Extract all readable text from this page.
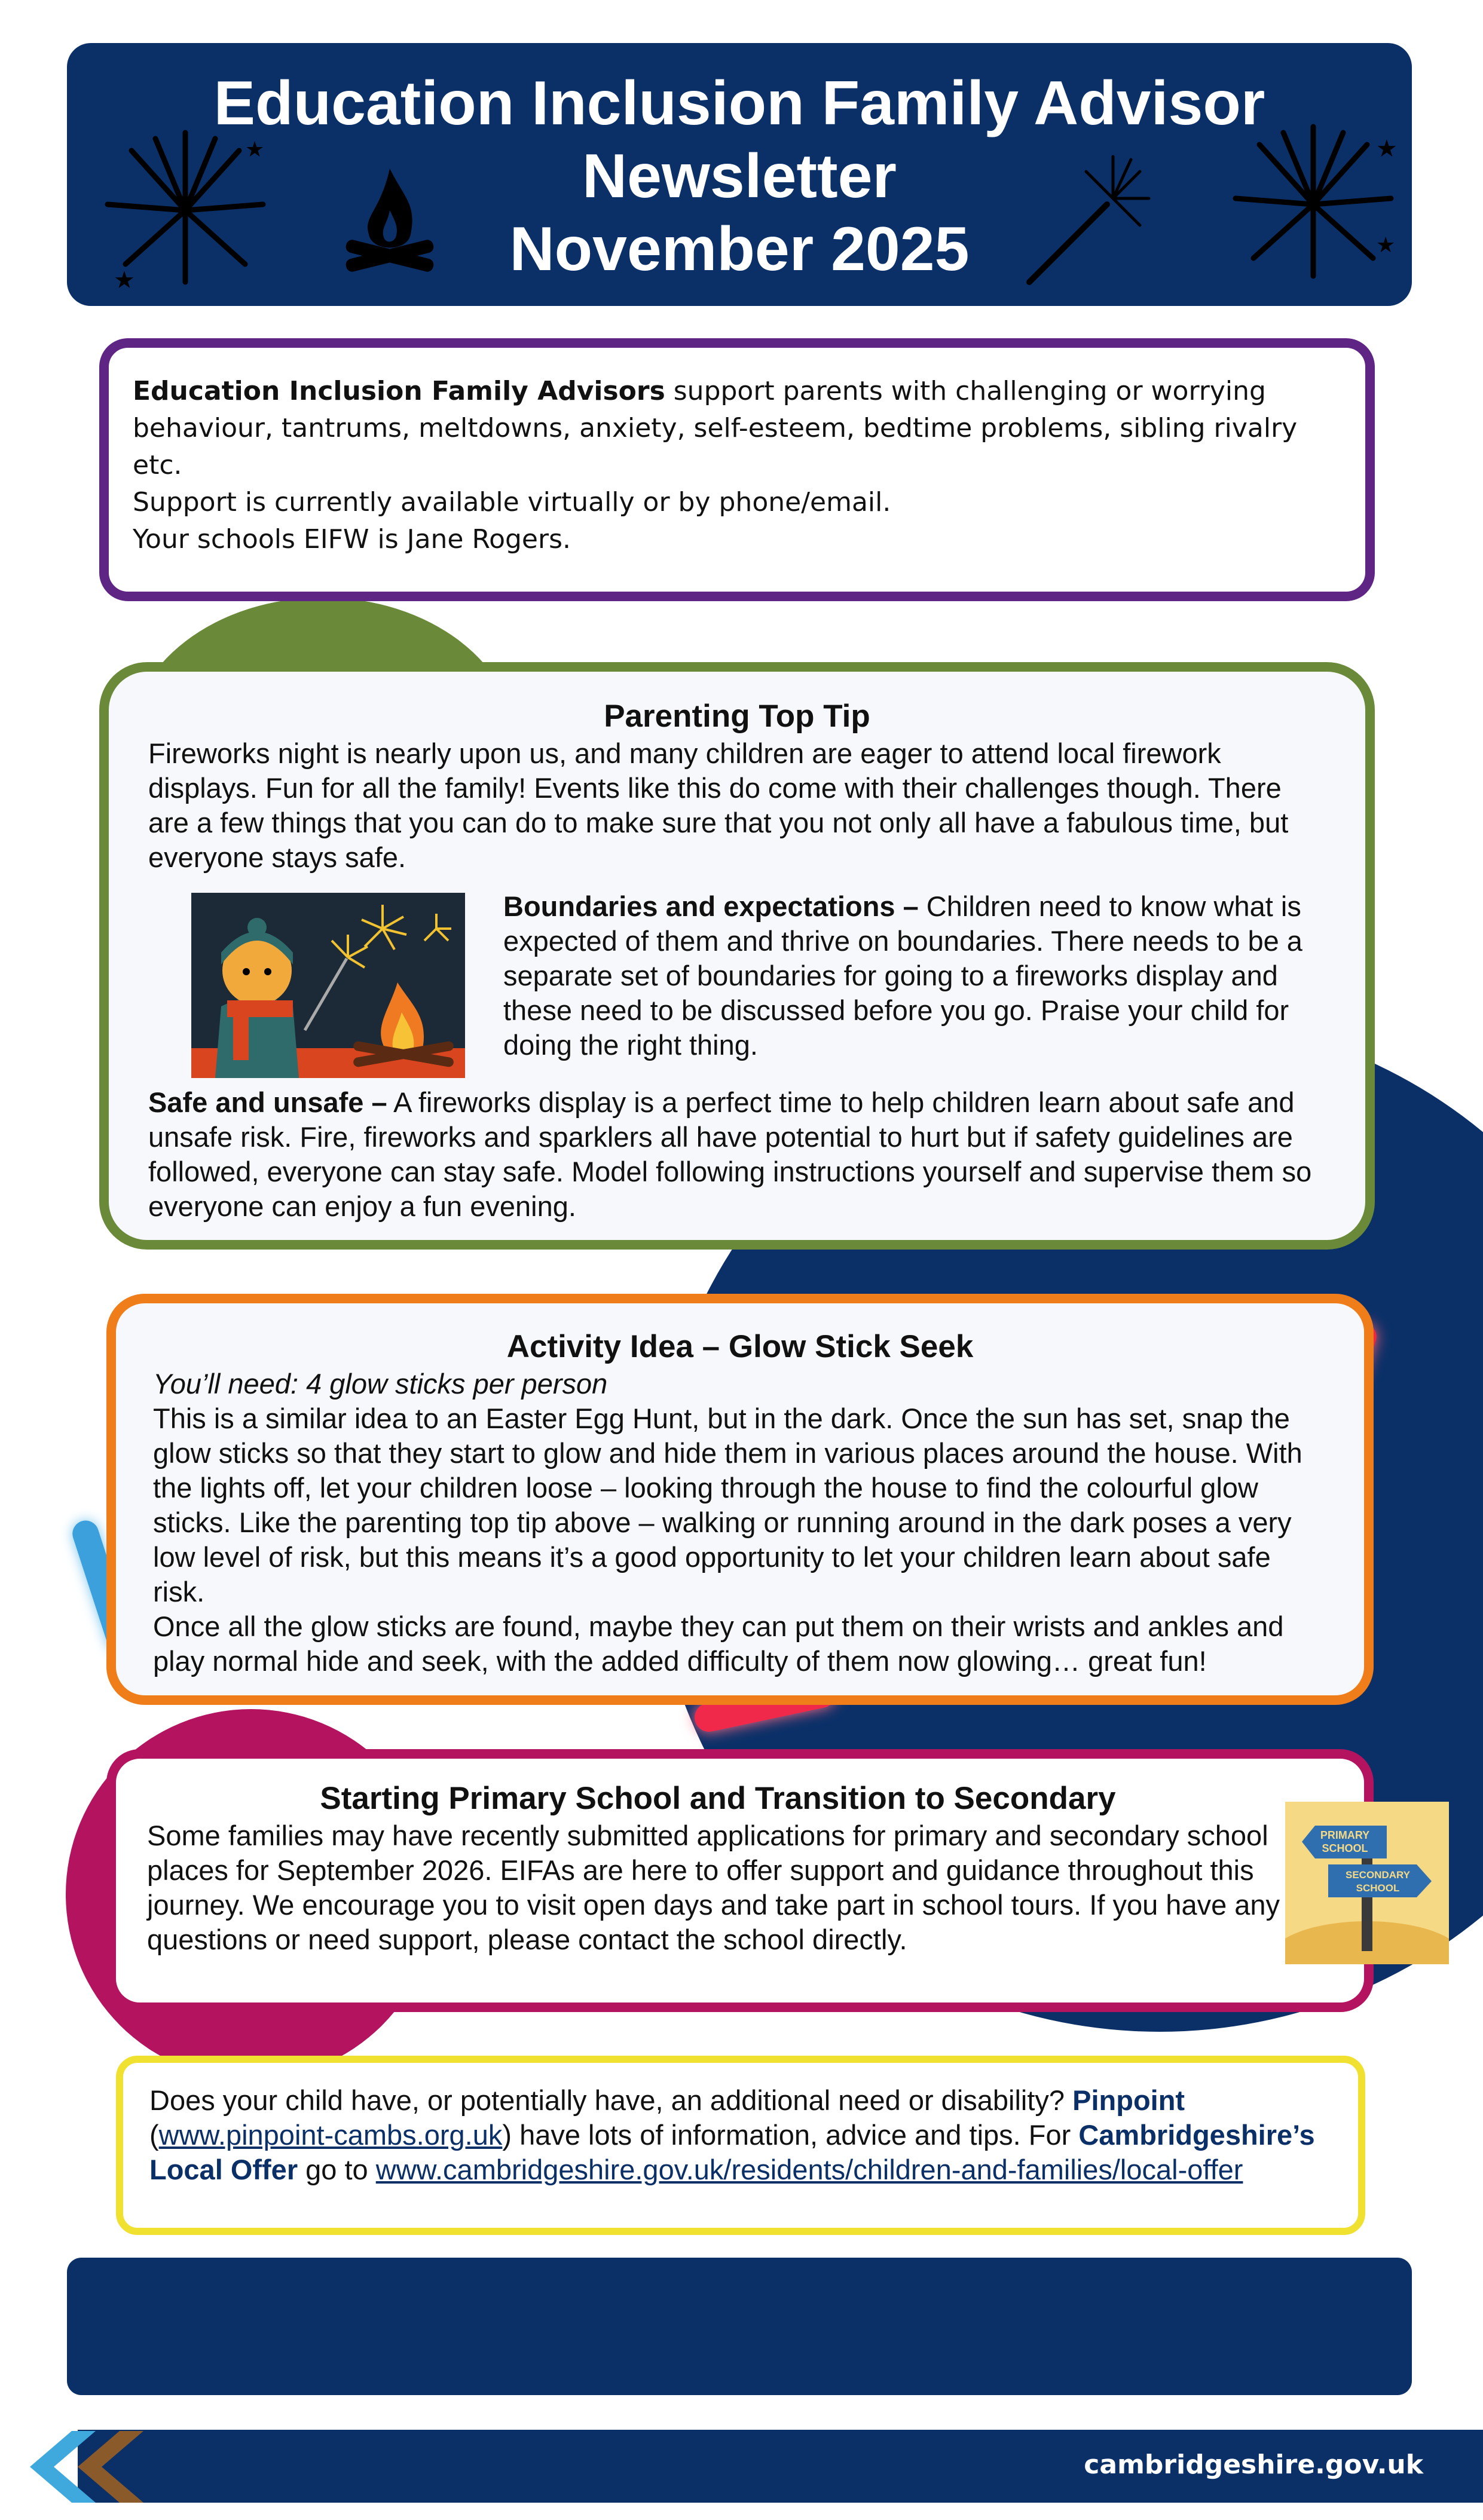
Education Inclusion Family Advisor
Newsletter
November 2025
★
★	★
★

Education Inclusion Family Advisors support parents with challenging or worrying behaviour, tantrums, meltdowns, anxiety, self-esteem, bedtime problems, sibling rivalry etc.

Support is currently available virtually or by phone/email.

Your schools EIFW is Jane Rogers.

Parenting Top Tip

Fireworks night is nearly upon us, and many children are eager to attend local firework displays. Fun for all the family! Events like this do come with their challenges though. There are a few things that you can do to make sure that you not only all have a fabulous time, but everyone stays safe.

Boundaries and expectations – Children need to know what is expected of them and thrive on boundaries. There needs to be a separate set of boundaries for going to a fireworks display and these need to be discussed before you go. Praise your child for doing the right thing.

Safe and unsafe – A fireworks display is a perfect time to help children learn about safe and unsafe risk. Fire, fireworks and sparklers all have potential to hurt but if safety guidelines are followed, everyone can stay safe. Model following instructions yourself and supervise them so everyone can enjoy a fun evening.

Activity Idea – Glow Stick Seek

You’ll need: 4 glow sticks per person

This is a similar idea to an Easter Egg Hunt, but in the dark. Once the sun has set, snap the glow sticks so that they start to glow and hide them in various places around the house. With the lights off, let your children loose – looking through the house to find the colourful glow sticks. Like the parenting top tip above – walking or running around in the dark poses a very low level of risk, but this means it’s a good opportunity to let your children learn about safe risk.

Once all the glow sticks are found, maybe they can put them on their wrists and ankles and play normal hide and seek, with the added difficulty of them now glowing… great fun!

Starting Primary School and Transition to Secondary

Some families may have recently submitted applications for primary and secondary school places for September 2026. EIFAs are here to offer support and guidance throughout this journey. We encourage you to visit open days and take part in school tours. If you have any questions or need support, please contact the school directly.

PRIMARY
SCHOOL
SECONDARY
SCHOOL

Does your child have, or potentially have, an additional need or disability? Pinpoint (www.pinpoint-cambs.org.uk) have lots of information, advice and tips. For Cambridgeshire’s Local Offer go to www.cambridgeshire.gov.uk/residents/children-and-families/local-offer

cambridgeshire.gov.uk
